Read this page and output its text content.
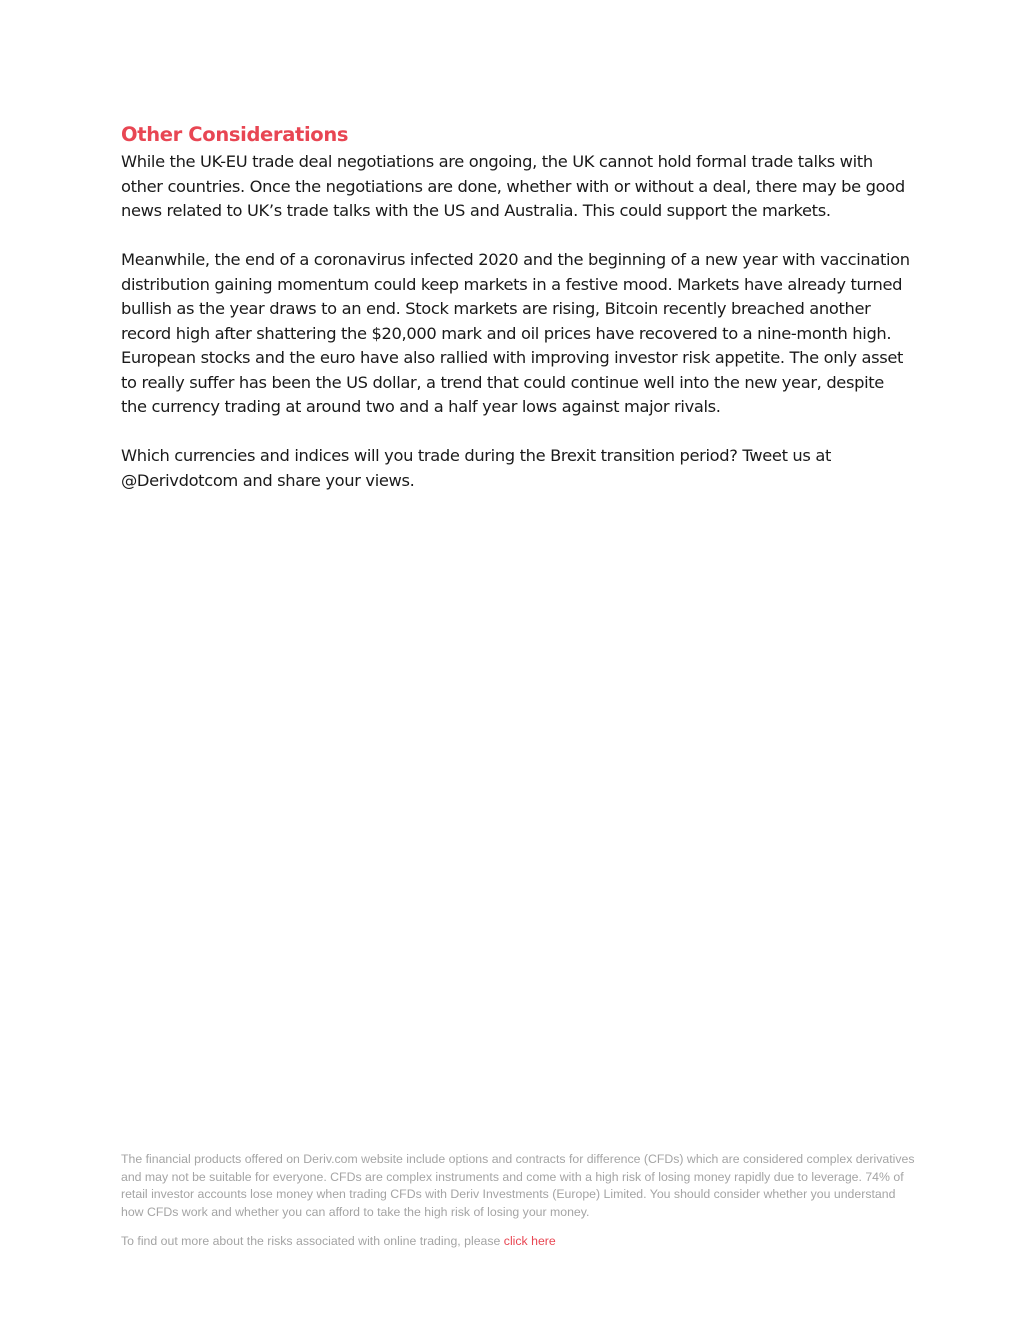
Other Considerations

While the UK-EU trade deal negotiations are ongoing, the UK cannot hold formal trade talks with other countries. Once the negotiations are done, whether with or without a deal, there may be good news related to UK’s trade talks with the US and Australia. This could support the markets.

Meanwhile, the end of a coronavirus infected 2020 and the beginning of a new year with vaccination distribution gaining momentum could keep markets in a festive mood. Markets have already turned bullish as the year draws to an end. Stock markets are rising, Bitcoin recently breached another record high after shattering the $20,000 mark and oil prices have recovered to a nine-month high. European stocks and the euro have also rallied with improving investor risk appetite. The only asset to really suffer has been the US dollar, a trend that could continue well into the new year, despite the currency trading at around two and a half year lows against major rivals.

Which currencies and indices will you trade during the Brexit transition period? Tweet us at @Derivdotcom and share your views.

The financial products offered on Deriv.com website include options and contracts for difference (CFDs) which are considered complex derivatives and may not be suitable for everyone. CFDs are complex instruments and come with a high risk of losing money rapidly due to leverage. 74% of retail investor accounts lose money when trading CFDs with Deriv Investments (Europe) Limited. You should consider whether you understand how CFDs work and whether you can afford to take the high risk of losing your money.

To find out more about the risks associated with online trading, please click here
